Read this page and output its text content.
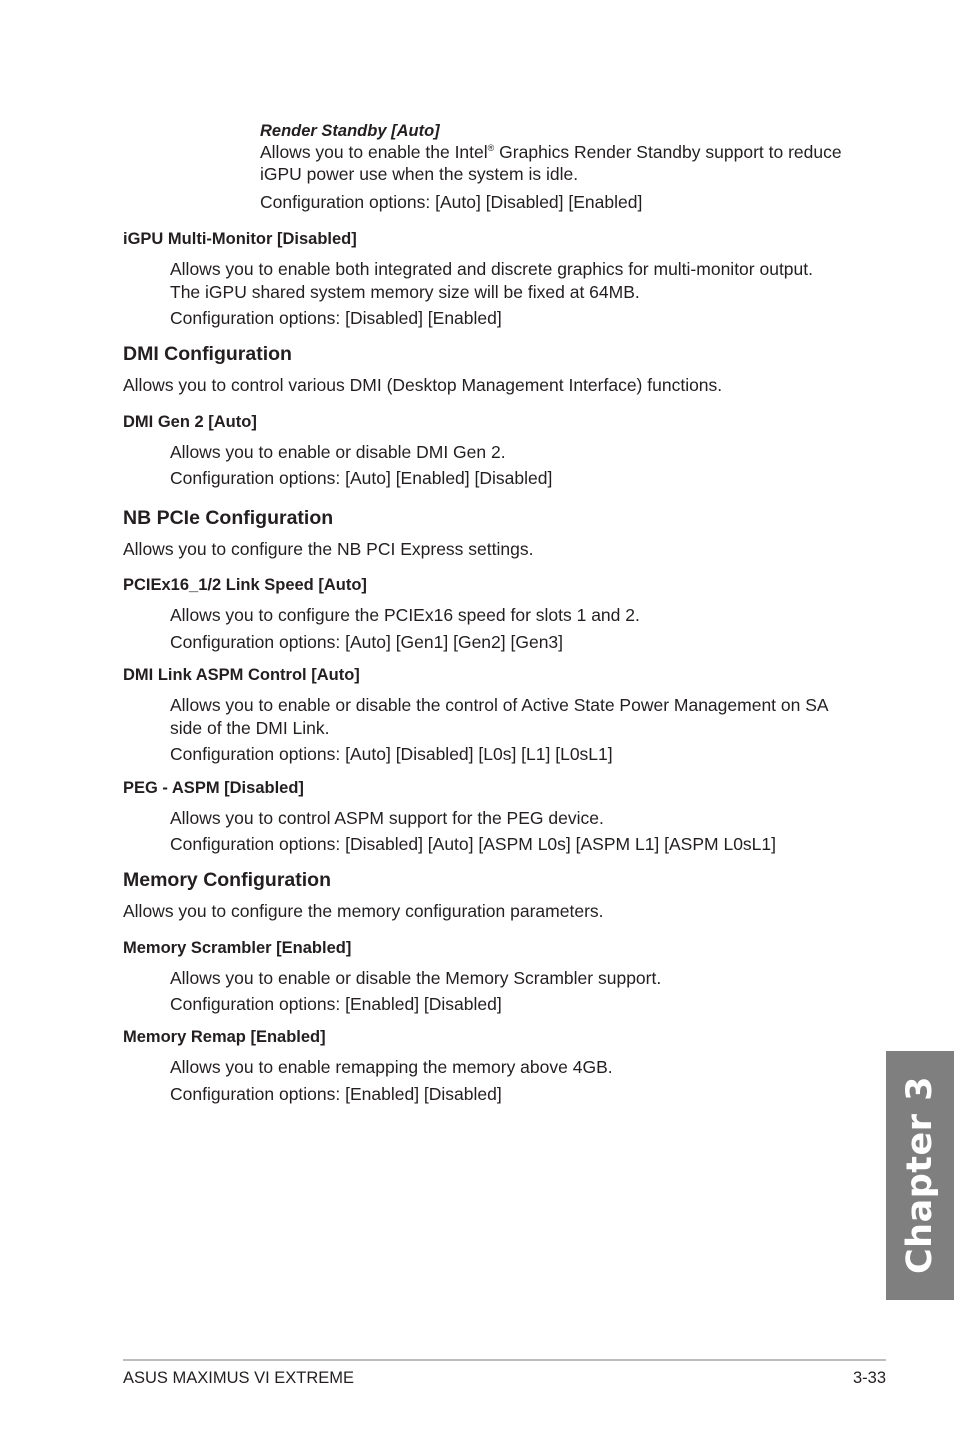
Render Standby [Auto]
Allows you to enable the Intel® Graphics Render Standby support to reduce
iGPU power use when the system is idle.
Configuration options: [Auto] [Disabled] [Enabled]
iGPU Multi-Monitor [Disabled]
Allows you to enable both integrated and discrete graphics for multi-monitor output.
The iGPU shared system memory size will be fixed at 64MB.
Configuration options: [Disabled] [Enabled]
DMI Configuration
Allows you to control various DMI (Desktop Management Interface) functions.
DMI Gen 2 [Auto]
Allows you to enable or disable DMI Gen 2.
Configuration options: [Auto] [Enabled] [Disabled]
NB PCIe Configuration
Allows you to configure the NB PCI Express settings.
PCIEx16_1/2 Link Speed [Auto]
Allows you to configure the PCIEx16 speed for slots 1 and 2.
Configuration options: [Auto] [Gen1] [Gen2] [Gen3]
DMI Link ASPM Control [Auto]
Allows you to enable or disable the control of Active State Power Management on SA
side of the DMI Link.
Configuration options: [Auto] [Disabled] [L0s] [L1] [L0sL1]
PEG - ASPM [Disabled]
Allows you to control ASPM support for the PEG device.
Configuration options: [Disabled] [Auto] [ASPM L0s] [ASPM L1] [ASPM L0sL1]
Memory Configuration
Allows you to configure the memory configuration parameters.
Memory Scrambler [Enabled]
Allows you to enable or disable the Memory Scrambler support.
Configuration options: [Enabled] [Disabled]
Memory Remap [Enabled]
Allows you to enable remapping the memory above 4GB.
Configuration options: [Enabled] [Disabled]	Chapter 3
ASUS MAXIMUS VI EXTREME	3-33
